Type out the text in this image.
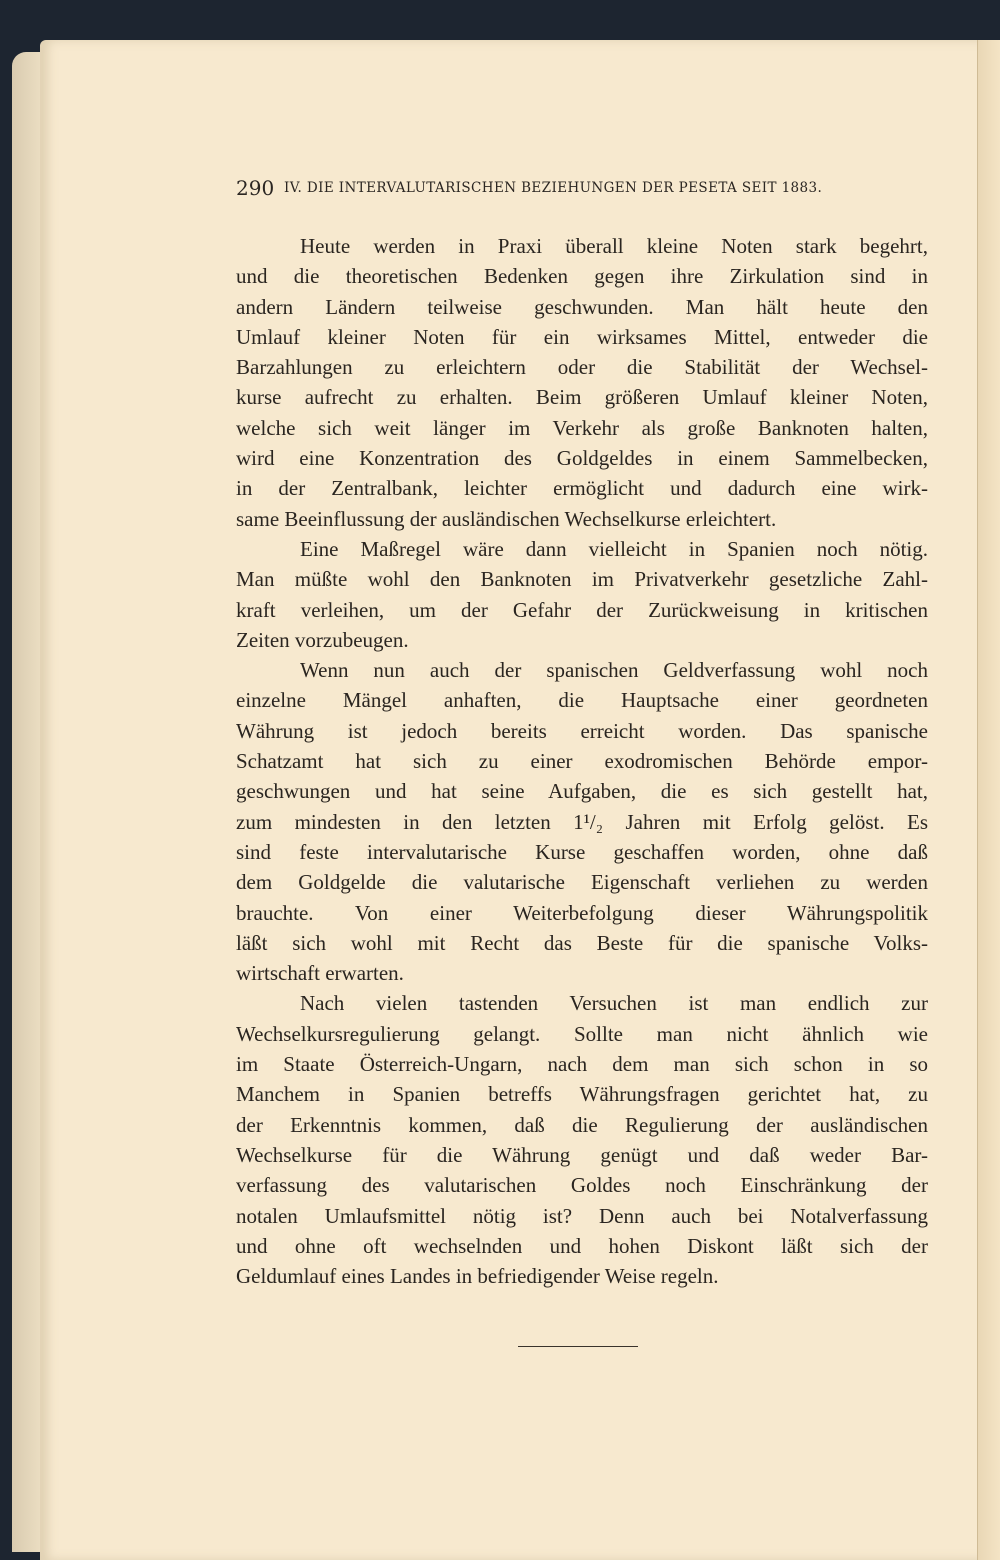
290 IV. DIE INTERVALUTARISCHEN BEZIEHUNGEN DER PESETA SEIT 1883.
Heute werden in Praxi überall kleine Noten stark begehrt,
und die theoretischen Bedenken gegen ihre Zirkulation sind in
andern Ländern teilweise geschwunden. Man hält heute den
Umlauf kleiner Noten für ein wirksames Mittel, entweder die
Barzahlungen zu erleichtern oder die Stabilität der Wechsel-
kurse aufrecht zu erhalten. Beim größeren Umlauf kleiner Noten,
welche sich weit länger im Verkehr als große Banknoten halten,
wird eine Konzentration des Goldgeldes in einem Sammelbecken,
in der Zentralbank, leichter ermöglicht und dadurch eine wirk-
same Beeinflussung der ausländischen Wechselkurse erleichtert.
Eine Maßregel wäre dann vielleicht in Spanien noch nötig.
Man müßte wohl den Banknoten im Privatverkehr gesetzliche Zahl-
kraft verleihen, um der Gefahr der Zurückweisung in kritischen
Zeiten vorzubeugen.
Wenn nun auch der spanischen Geldverfassung wohl noch
einzelne Mängel anhaften, die Hauptsache einer geordneten
Währung ist jedoch bereits erreicht worden. Das spanische
Schatzamt hat sich zu einer exodromischen Behörde empor-
geschwungen und hat seine Aufgaben, die es sich gestellt hat,
zum mindesten in den letzten 1¹/₂ Jahren mit Erfolg gelöst. Es
sind feste intervalutarische Kurse geschaffen worden, ohne daß
dem Goldgelde die valutarische Eigenschaft verliehen zu werden
brauchte. Von einer Weiterbefolgung dieser Währungspolitik
läßt sich wohl mit Recht das Beste für die spanische Volks-
wirtschaft erwarten.
Nach vielen tastenden Versuchen ist man endlich zur
Wechselkursregulierung gelangt. Sollte man nicht ähnlich wie
im Staate Österreich-Ungarn, nach dem man sich schon in so
Manchem in Spanien betreffs Währungsfragen gerichtet hat, zu
der Erkenntnis kommen, daß die Regulierung der ausländischen
Wechselkurse für die Währung genügt und daß weder Bar-
verfassung des valutarischen Goldes noch Einschränkung der
notalen Umlaufsmittel nötig ist? Denn auch bei Notalverfassung
und ohne oft wechselnden und hohen Diskont läßt sich der
Geldumlauf eines Landes in befriedigender Weise regeln.
